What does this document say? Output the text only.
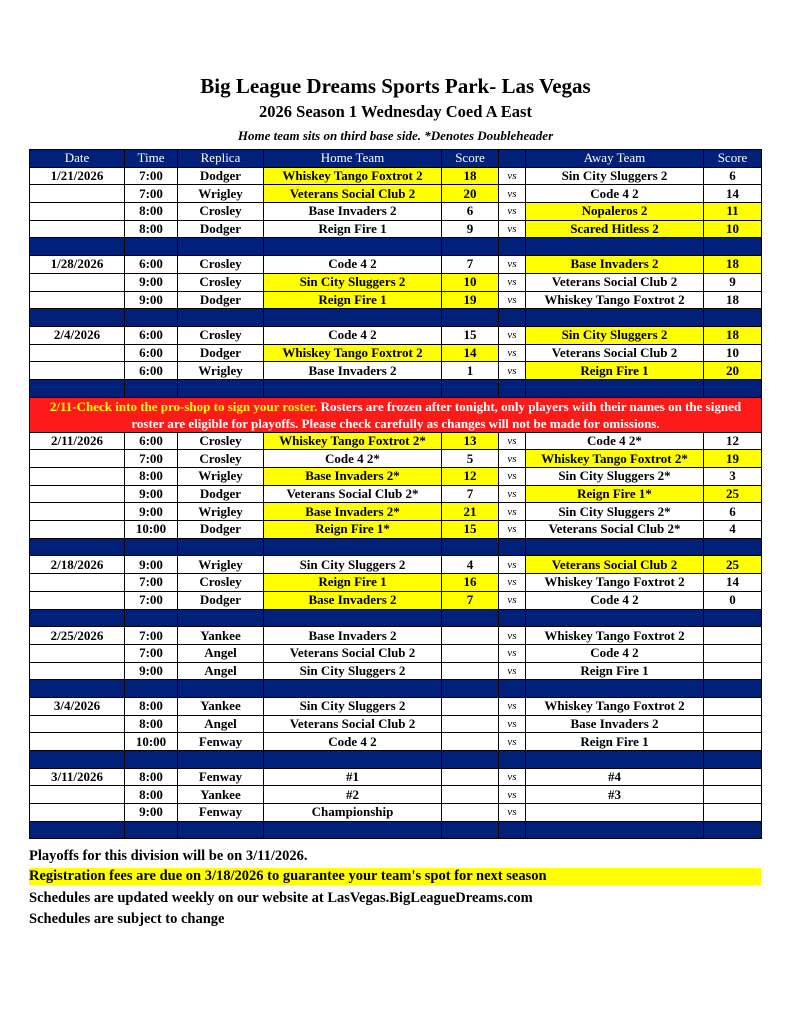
Big League Dreams Sports Park- Las Vegas
2026 Season 1 Wednesday Coed A East
Home team sits on third base side. *Denotes Doubleheader
Date	Time	Replica	Home Team	Score		Away Team	Score
1/21/2026	7:00	Dodger	Whiskey Tango Foxtrot 2	18	vs	Sin City Sluggers 2	6
	7:00	Wrigley	Veterans Social Club 2	20	vs	Code 4 2	14
	8:00	Crosley	Base Invaders 2	6	vs	Nopaleros 2	11
	8:00	Dodger	Reign Fire 1	9	vs	Scared Hitless 2	10

1/28/2026	6:00	Crosley	Code 4 2	7	vs	Base Invaders 2	18
	9:00	Crosley	Sin City Sluggers 2	10	vs	Veterans Social Club 2	9
	9:00	Dodger	Reign Fire 1	19	vs	Whiskey Tango Foxtrot 2	18

2/4/2026	6:00	Crosley	Code 4 2	15	vs	Sin City Sluggers 2	18
	6:00	Dodger	Whiskey Tango Foxtrot 2	14	vs	Veterans Social Club 2	10
	6:00	Wrigley	Base Invaders 2	1	vs	Reign Fire 1	20

2/11-Check into the pro-shop to sign your roster. Rosters are frozen after tonight, only players with their names on the signed roster are eligible for playoffs. Please check carefully as changes will not be made for omissions.							
2/11/2026	6:00	Crosley	Whiskey Tango Foxtrot 2*	13	vs	Code 4 2*	12
	7:00	Crosley	Code 4 2*	5	vs	Whiskey Tango Foxtrot 2*	19
	8:00	Wrigley	Base Invaders 2*	12	vs	Sin City Sluggers 2*	3
	9:00	Dodger	Veterans Social Club 2*	7	vs	Reign Fire 1*	25
	9:00	Wrigley	Base Invaders 2*	21	vs	Sin City Sluggers 2*	6
	10:00	Dodger	Reign Fire 1*	15	vs	Veterans Social Club 2*	4

2/18/2026	9:00	Wrigley	Sin City Sluggers 2	4	vs	Veterans Social Club 2	25
	7:00	Crosley	Reign Fire 1	16	vs	Whiskey Tango Foxtrot 2	14
	7:00	Dodger	Base Invaders 2	7	vs	Code 4 2	0

2/25/2026	7:00	Yankee	Base Invaders 2		vs	Whiskey Tango Foxtrot 2	
	7:00	Angel	Veterans Social Club 2		vs	Code 4 2	
	9:00	Angel	Sin City Sluggers 2		vs	Reign Fire 1	

3/4/2026	8:00	Yankee	Sin City Sluggers 2		vs	Whiskey Tango Foxtrot 2	
	8:00	Angel	Veterans Social Club 2		vs	Base Invaders 2	
	10:00	Fenway	Code 4 2		vs	Reign Fire 1	

3/11/2026	8:00	Fenway	#1		vs	#4	
	8:00	Yankee	#2		vs	#3	
	9:00	Fenway	Championship		vs		

Playoffs for this division will be on 3/11/2026.
Registration fees are due on 3/18/2026 to guarantee your team's spot for next season
Schedules are updated weekly on our website at LasVegas.BigLeagueDreams.com
Schedules are subject to change
